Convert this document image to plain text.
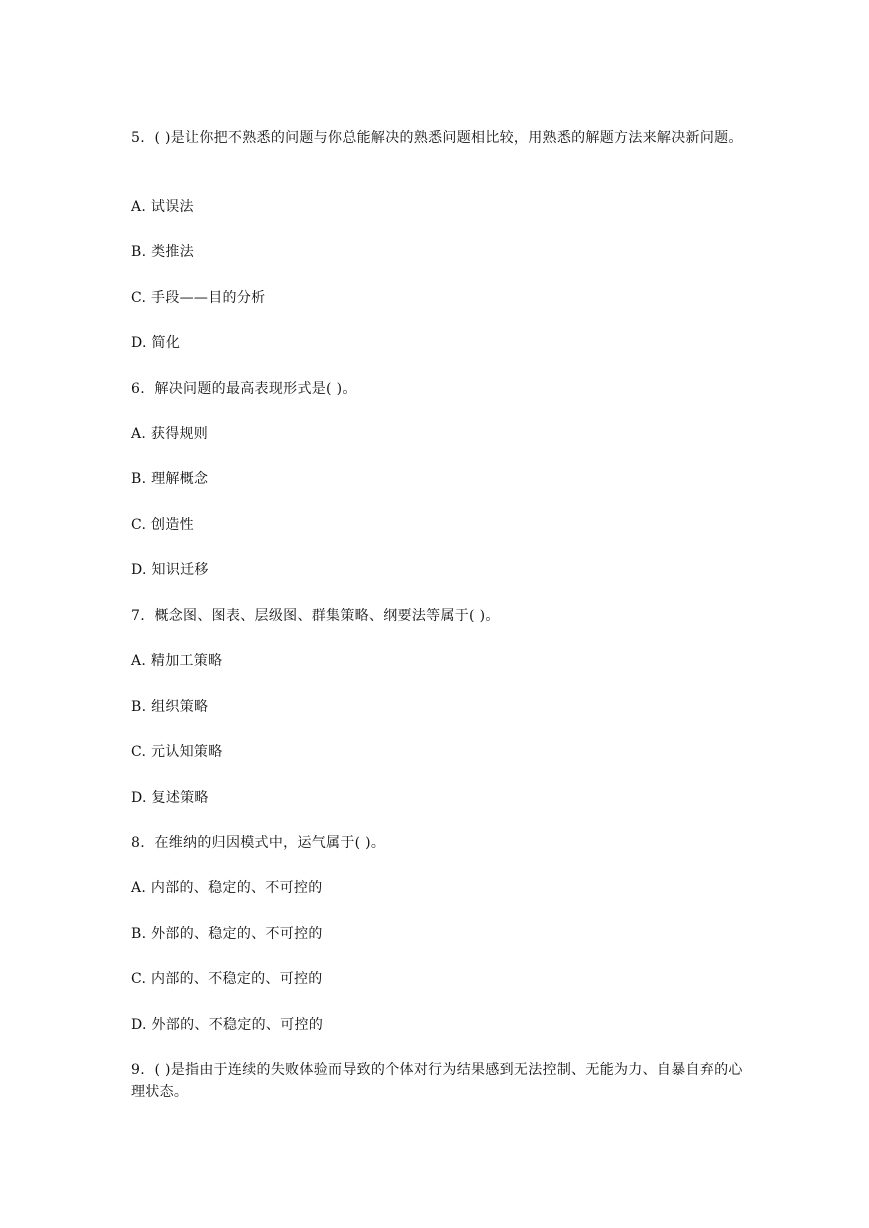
5.  ( )是让你把不熟悉的问题与你总能解决的熟悉问题相比较，用熟悉的解题方法来解决新问题。
A. 试误法
B. 类推法
C. 手段——目的分析
D. 简化
6.  解决问题的最高表现形式是( )。
A. 获得规则
B. 理解概念
C. 创造性
D. 知识迁移
7.  概念图、图表、层级图、群集策略、纲要法等属于( )。
A. 精加工策略
B. 组织策略
C. 元认知策略
D. 复述策略
8.  在维纳的归因模式中，运气属于( )。
A. 内部的、稳定的、不可控的
B. 外部的、稳定的、不可控的
C. 内部的、不稳定的、可控的
D. 外部的、不稳定的、可控的
9.  ( )是指由于连续的失败体验而导致的个体对行为结果感到无法控制、无能为力、自暴自弃的心理状态。
